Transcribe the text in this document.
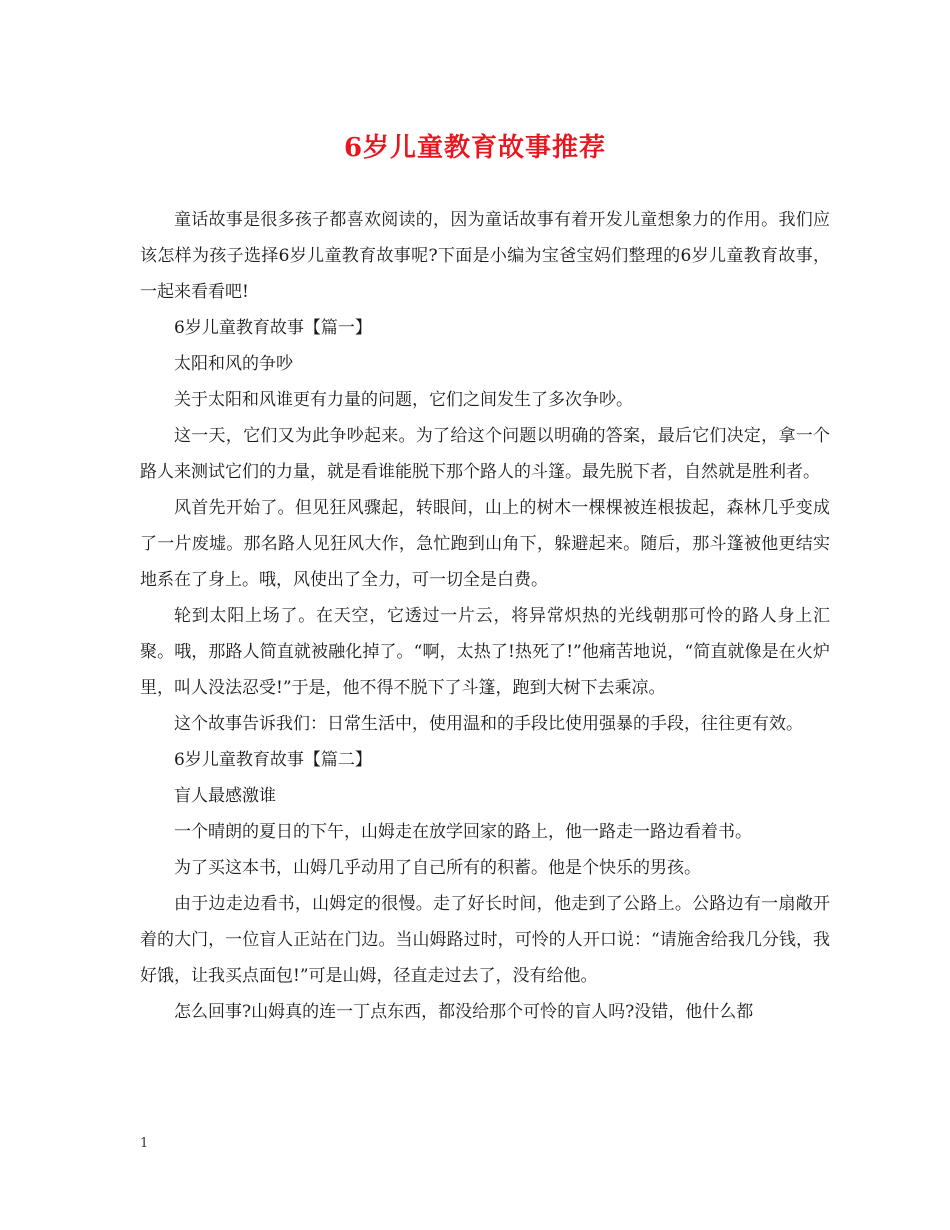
6岁儿童教育故事推荐

童话故事是很多孩子都喜欢阅读的，因为童话故事有着开发儿童想象力的作用。我们应该怎样为孩子选择6岁儿童教育故事呢?下面是小编为宝爸宝妈们整理的6岁儿童教育故事，一起来看看吧!

6岁儿童教育故事【篇一】

太阳和风的争吵

关于太阳和风谁更有力量的问题，它们之间发生了多次争吵。

这一天，它们又为此争吵起来。为了给这个问题以明确的答案，最后它们决定，拿一个路人来测试它们的力量，就是看谁能脱下那个路人的斗篷。最先脱下者，自然就是胜利者。

风首先开始了。但见狂风骤起，转眼间，山上的树木一棵棵被连根拔起，森林几乎变成了一片废墟。那名路人见狂风大作，急忙跑到山角下，躲避起来。随后，那斗篷被他更结实地系在了身上。哦，风使出了全力，可一切全是白费。

轮到太阳上场了。在天空，它透过一片云，将异常炽热的光线朝那可怜的路人身上汇聚。哦，那路人简直就被融化掉了。“啊，太热了!热死了!”他痛苦地说，“简直就像是在火炉里，叫人没法忍受!”于是，他不得不脱下了斗篷，跑到大树下去乘凉。

这个故事告诉我们：日常生活中，使用温和的手段比使用强暴的手段，往往更有效。

6岁儿童教育故事【篇二】

盲人最感激谁

一个晴朗的夏日的下午，山姆走在放学回家的路上，他一路走一路边看着书。

为了买这本书，山姆几乎动用了自己所有的积蓄。他是个快乐的男孩。

由于边走边看书，山姆定的很慢。走了好长时间，他走到了公路上。公路边有一扇敞开着的大门，一位盲人正站在门边。当山姆路过时，可怜的人开口说：“请施舍给我几分钱，我好饿，让我买点面包!”可是山姆，径直走过去了，没有给他。

怎么回事?山姆真的连一丁点东西，都没给那个可怜的盲人吗?没错，他什么都

1
